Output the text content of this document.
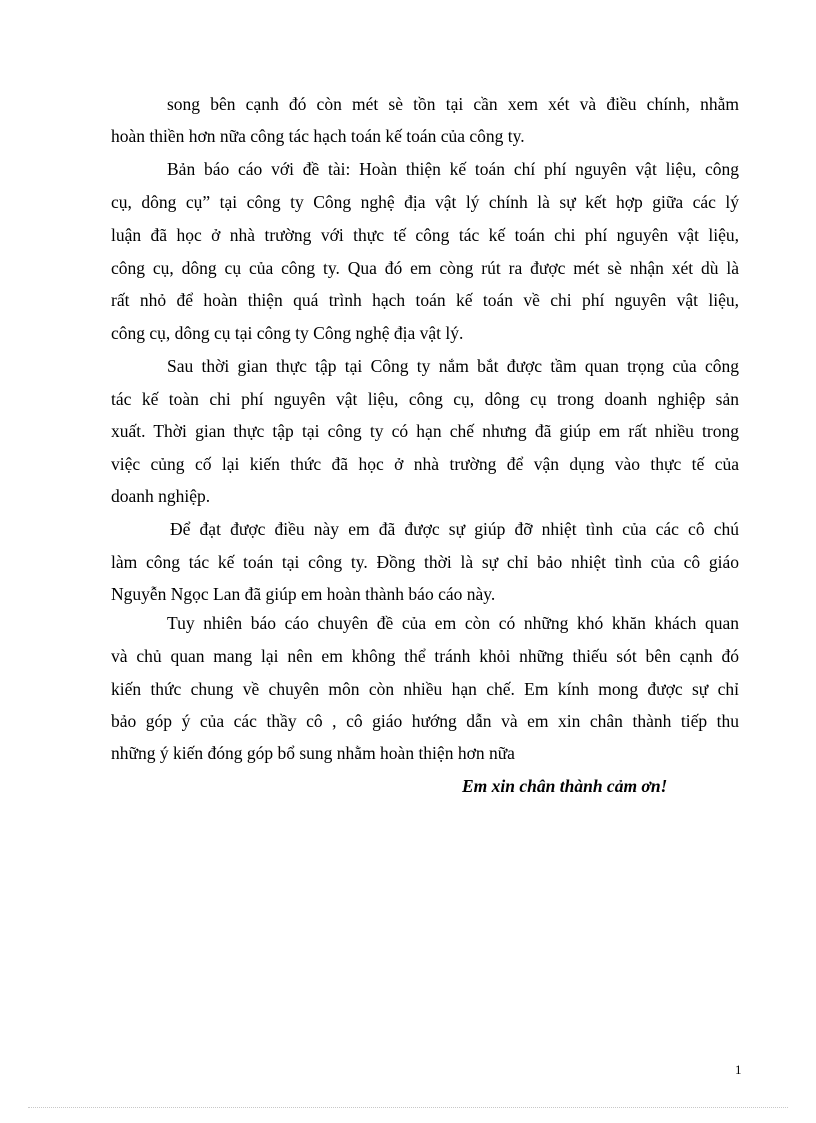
song bên cạnh đó còn mét sè tồn tại cần xem xét và điều chính, nhằm
hoàn thiền hơn nữa công tác hạch toán kế toán của công ty.
Bản báo cáo với đề tài: Hoàn thiện kế toán chí phí nguyên vật liệu, công
cụ, dông cụ” tại công ty Công nghệ địa vật lý chính là sự kết hợp giữa các lý
luận đã học ở nhà trường với thực tế công tác kế toán chi phí nguyên vật liệu,
công cụ, dông cụ của công ty. Qua đó em còng rút ra được mét sè nhận xét dù là
rất nhỏ để hoàn thiện quá trình hạch toán kế toán về chi phí nguyên vật liệu,
công cụ, dông cụ tại công ty Công nghệ địa vật lý.
Sau thời gian thực tập tại Công ty nắm bắt được tầm quan trọng của công
tác kế toàn chi phí nguyên vật liệu, công cụ, dông cụ trong doanh nghiệp sản
xuất. Thời gian thực tập tại công ty có hạn chế nhưng đã giúp em rất nhiều trong
việc củng cố lại kiến thức đã học ở nhà trường để vận dụng vào thực tế của
doanh nghiệp.
Để đạt được điều này em đã được sự giúp đỡ nhiệt tình của các cô chú
làm công tác kế toán tại công ty. Đồng thời là sự chỉ bảo nhiệt tình của cô giáo
Nguyễn Ngọc Lan đã giúp em hoàn thành báo cáo này.
Tuy nhiên báo cáo chuyên đề của em còn có những khó khăn khách quan
và chủ quan mang lại nên em không thể tránh khỏi những thiếu sót bên cạnh đó
kiến thức chung về chuyên môn còn nhiều hạn chế. Em kính mong được sự chỉ
bảo góp ý của các thầy cô , cô giáo hướng dẫn và em xin chân thành tiếp thu
những ý kiến đóng góp bổ sung nhằm hoàn thiện hơn nữa
Em xin chân thành cảm ơn!
1
